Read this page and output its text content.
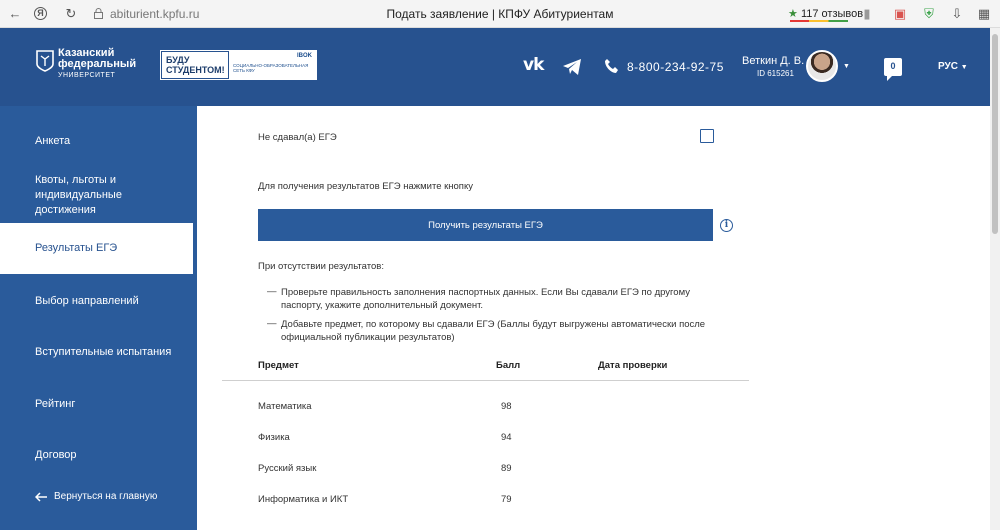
←	Я ↻	abiturient.kpfu.ru	Подать заявление | КПФУ Абитуриентам	★ 117 отзывов ▮ ▣ ⛨ ⇩ ▦
Казанский
федеральный
УНИВЕРСИТЕТ
БУДУ СТУДЕНТОМ!
IBOK
СОЦИАЛЬНО-ОБРАЗОВАТЕЛЬНАЯ СЕТЬ КФУ	vk	8-800-234-92-75 Веткин Д. В.
ID 615261
▼	0	РУС ▼
Анкета
Квоты, льготы и индивидуальные достижения
Результаты ЕГЭ
Выбор направлений
Вступительные испытания
Рейтинг
Договор
Вернуться на главную
Не сдавал(а) ЕГЭ
Для получения результатов ЕГЭ нажмите кнопку
Получить результаты ЕГЭ	i
При отсутствии результатов:
— Проверьте правильность заполнения паспортных данных. Если Вы сдавали ЕГЭ по другому паспорту, укажите дополнительный документ.
— Добавьте предмет, по которому вы сдавали ЕГЭ (Баллы будут выгружены автоматически после официальной публикации результатов)
Предмет	Балл	Дата проверки
Математика	98
Физика	94
Русский язык	89
Информатика и ИКТ	79
